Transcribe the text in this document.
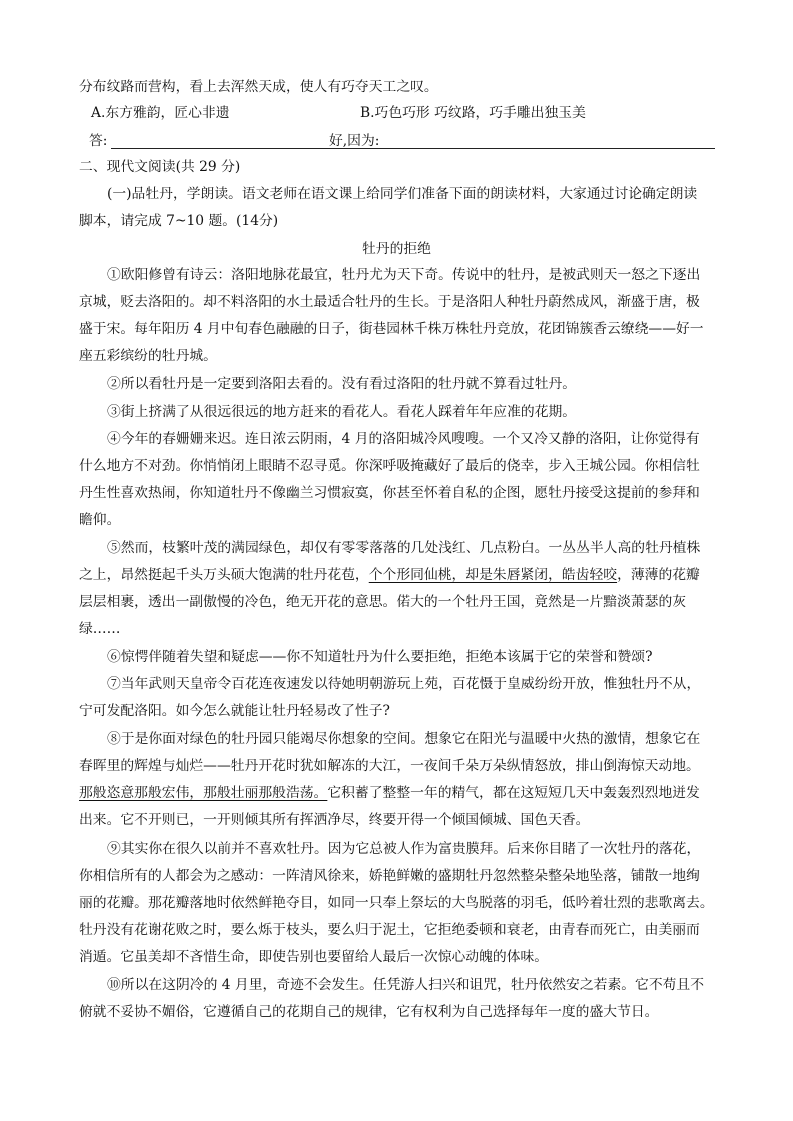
分布纹路而营构，看上去浑然天成，使人有巧夺天工之叹。
A.东方雅韵，匠心非遗	B.巧色巧形 巧纹路，巧手雕出独玉美
答:	好,因为:
二、现代文阅读(共 29 分)
(一)品牡丹，学朗读。语文老师在语文课上给同学们准备下面的朗读材料，大家通过讨论确定朗读
脚本，请完成 7~10 题。(14分)
牡丹的拒绝
①欧阳修曾有诗云：洛阳地脉花最宜，牡丹尤为天下奇。传说中的牡丹，是被武则天一怒之下逐出
京城，贬去洛阳的。却不料洛阳的水土最适合牡丹的生长。于是洛阳人种牡丹蔚然成风，渐盛于唐，极
盛于宋。每年阳历 4 月中旬春色融融的日子，街巷园林千株万株牡丹竞放，花团锦簇香云缭绕——好一
座五彩缤纷的牡丹城。
②所以看牡丹是一定要到洛阳去看的。没有看过洛阳的牡丹就不算看过牡丹。
③街上挤满了从很远很远的地方赶来的看花人。看花人踩着年年应准的花期。
④今年的春姗姗来迟。连日浓云阴雨，4 月的洛阳城冷风嗖嗖。一个又冷又静的洛阳，让你觉得有
什么地方不对劲。你悄悄闭上眼睛不忍寻觅。你深呼吸掩藏好了最后的侥幸，步入王城公园。你相信牡
丹生性喜欢热闹，你知道牡丹不像幽兰习惯寂寞，你甚至怀着自私的企图，愿牡丹接受这提前的参拜和
瞻仰。
⑤然而，枝繁叶茂的满园绿色，却仅有零零落落的几处浅红、几点粉白。一丛丛半人高的牡丹植株
之上，昂然挺起千头万头硕大饱满的牡丹花苞，个个形同仙桃，却是朱唇紧闭，皓齿轻咬，薄薄的花瓣
层层相裹，透出一副傲慢的冷色，绝无开花的意思。偌大的一个牡丹王国，竟然是一片黯淡萧瑟的灰
绿……
⑥惊愕伴随着失望和疑虑——你不知道牡丹为什么要拒绝，拒绝本该属于它的荣誉和赞颂?
⑦当年武则天皇帝令百花连夜速发以待她明朝游玩上苑，百花慑于皇威纷纷开放，惟独牡丹不从，
宁可发配洛阳。如今怎么就能让牡丹轻易改了性子?
⑧于是你面对绿色的牡丹园只能竭尽你想象的空间。想象它在阳光与温暖中火热的激情，想象它在
春晖里的辉煌与灿烂——牡丹开花时犹如解冻的大江，一夜间千朵万朵纵情怒放，排山倒海惊天动地。
那般恣意那般宏伟，那般壮丽那般浩荡。它积蓄了整整一年的精气，都在这短短几天中轰轰烈烈地迸发
出来。它不开则已，一开则倾其所有挥洒净尽，终要开得一个倾国倾城、国色天香。
⑨其实你在很久以前并不喜欢牡丹。因为它总被人作为富贵膜拜。后来你目睹了一次牡丹的落花，
你相信所有的人都会为之感动：一阵清风徐来，娇艳鲜嫩的盛期牡丹忽然整朵整朵地坠落，铺散一地绚
丽的花瓣。那花瓣落地时依然鲜艳夺目，如同一只奉上祭坛的大鸟脱落的羽毛，低吟着壮烈的悲歌离去。
牡丹没有花谢花败之时，要么烁于枝头，要么归于泥土，它拒绝委顿和衰老，由青春而死亡，由美丽而
消遁。它虽美却不吝惜生命，即使告别也要留给人最后一次惊心动魄的体味。
⑩所以在这阴冷的 4 月里，奇迹不会发生。任凭游人扫兴和诅咒，牡丹依然安之若素。它不苟且不
俯就不妥协不媚俗，它遵循自己的花期自己的规律，它有权利为自己选择每年一度的盛大节日。
